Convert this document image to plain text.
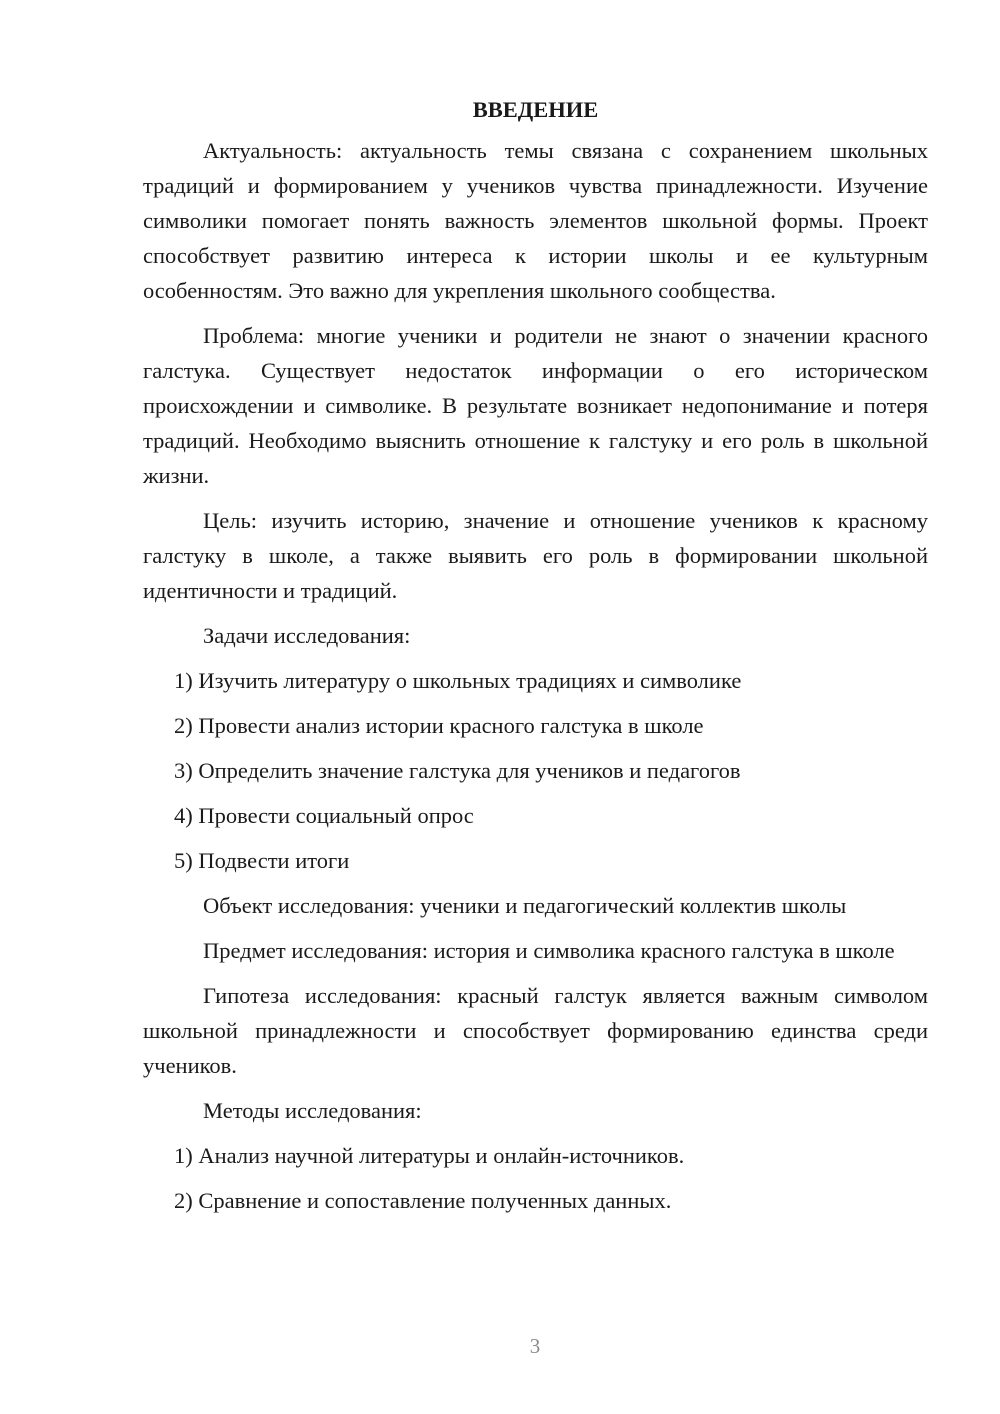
ВВЕДЕНИЕ

Актуальность: актуальность темы связана с сохранением школьных традиций и формированием у учеников чувства принадлежности. Изучение символики помогает понять важность элементов школьной формы. Проект способствует развитию интереса к истории школы и ее культурным особенностям. Это важно для укрепления школьного сообщества.

Проблема: многие ученики и родители не знают о значении красного галстука. Существует недостаток информации о его историческом происхождении и символике. В результате возникает недопонимание и потеря традиций. Необходимо выяснить отношение к галстуку и его роль в школьной жизни.

Цель: изучить историю, значение и отношение учеников к красному галстуку в школе, а также выявить его роль в формировании школьной идентичности и традиций.

Задачи исследования:

1) Изучить литературу о школьных традициях и символике
2) Провести анализ истории красного галстука в школе
3) Определить значение галстука для учеников и педагогов
4) Провести социальный опрос
5) Подвести итоги

Объект исследования: ученики и педагогический коллектив школы

Предмет исследования: история и символика красного галстука в школе

Гипотеза исследования: красный галстук является важным символом школьной принадлежности и способствует формированию единства среди учеников.

Методы исследования:

1) Анализ научной литературы и онлайн-источников.
2) Сравнение и сопоставление полученных данных.
3
